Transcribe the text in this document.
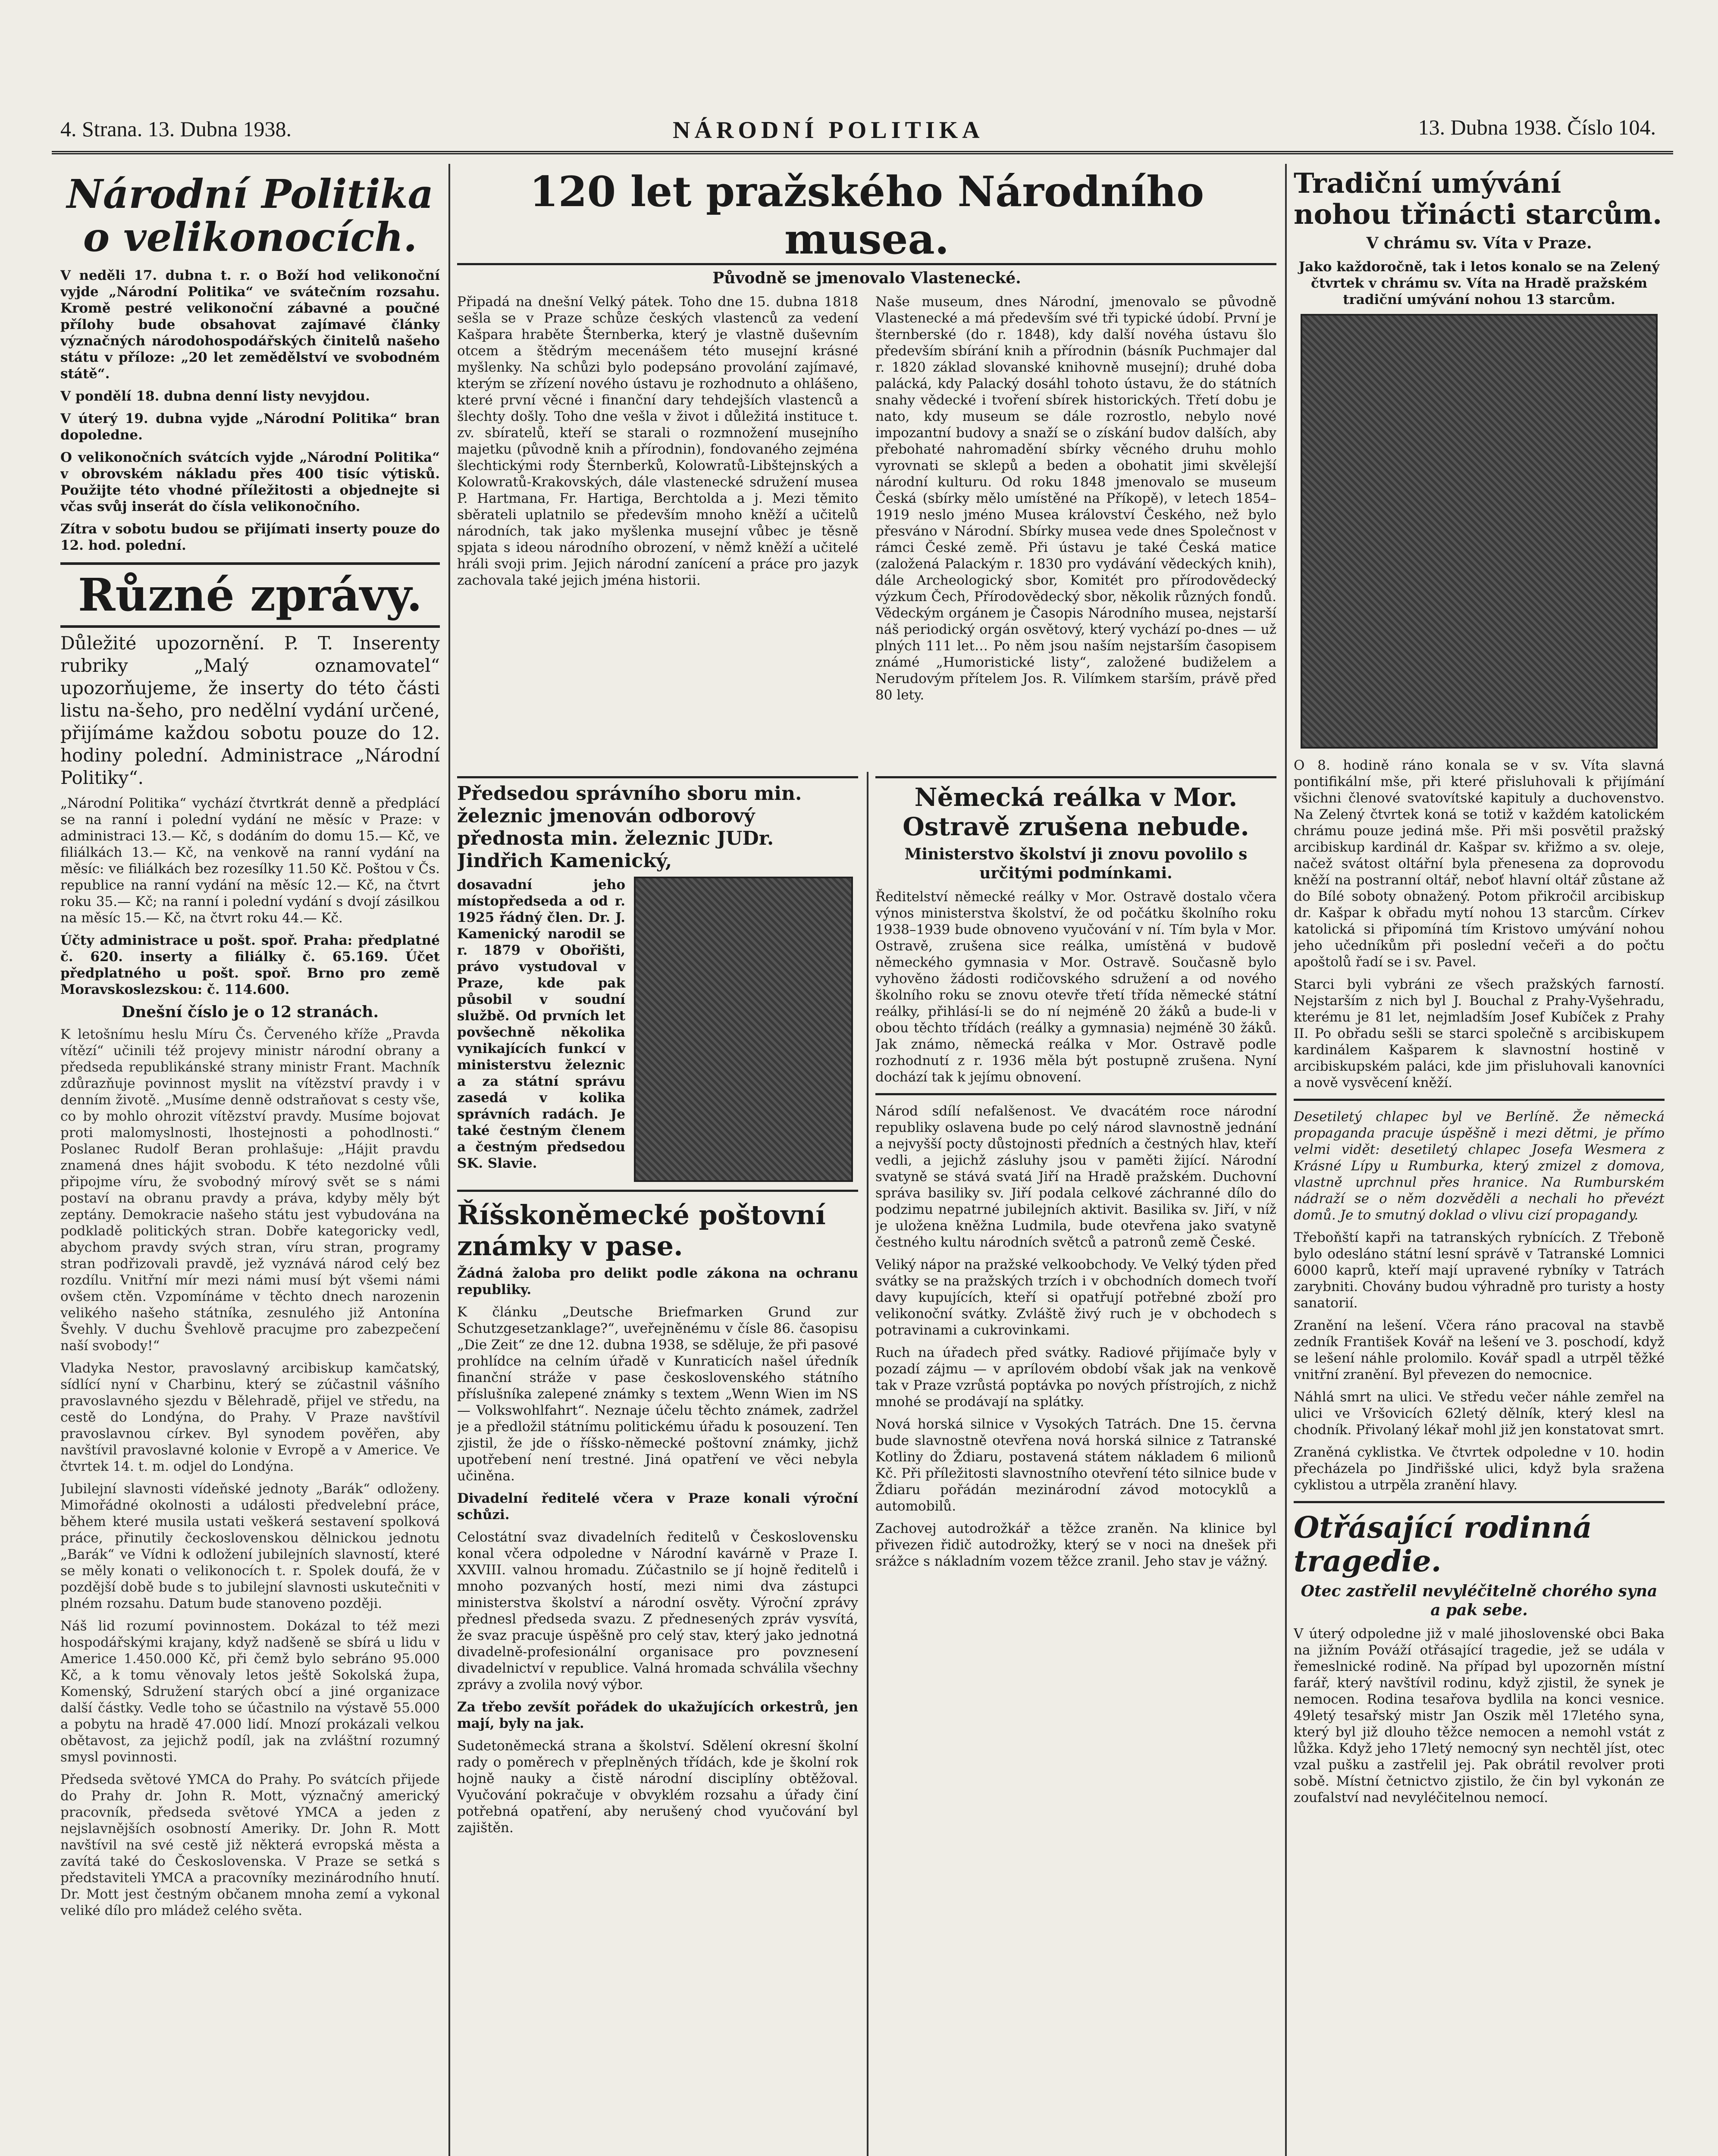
4. Strana. 13. Dubna 1938.	NÁRODNÍ POLITIKA	13. Dubna 1938. Číslo 104.
Národní Politika o velikonocích.

V neděli 17. dubna t. r. o Boží hod velikonoční vyjde „Národní Politika“ ve svátečním rozsahu. Kromě pestré velikonoční zábavné a poučné přílohy bude obsahovat zajímavé články význačných národohospodářských činitelů našeho státu v příloze: „20 let zemědělství ve svobodném státě“.

V pondělí 18. dubna denní listy nevyjdou.

V úterý 19. dubna vyjde „Národní Politika“ bran dopoledne.

O velikonočních svátcích vyjde „Národní Politika“ v obrovském nákladu přes 400 tisíc výtisků. Použijte této vhodné příležitosti a objednejte si včas svůj inserát do čísla velikonočního.

Zítra v sobotu budou se přijímati inserty pouze do 12. hod. polední.

Různé zprávy.

Důležité upozornění. P. T. Inserenty rubriky „Malý oznamovatel“ upozorňujeme, že inserty do této části listu na-šeho, pro nedělní vydání určené, přijímáme každou sobotu pouze do 12. hodiny polední. Administrace „Národní Politiky“.

„Národní Politika“ vychází čtvrtkrát denně a předplácí se na ranní i polední vydání ne měsíc v Praze: v administraci 13.— Kč, s dodáním do domu 15.— Kč, ve filiálkách 13.— Kč, na venkově na ranní vydání na měsíc: ve filiálkách bez rozesílky 11.50 Kč. Poštou v Čs. republice na ranní vydání na měsíc 12.— Kč, na čtvrt roku 35.— Kč; na ranní i polední vydání s dvojí zásilkou na měsíc 15.— Kč, na čtvrt roku 44.— Kč.

Účty administrace u pošt. spoř. Praha: předplatné č. 620. inserty a filiálky č. 65.169. Účet předplatného u pošt. spoř. Brno pro země Moravskoslezskou: č. 114.600.

Dnešní číslo je o 12 stranách.

K letošnímu heslu Míru Čs. Červeného kříže „Pravda vítězí“ učinili též projevy ministr národní obrany a předseda republikánské strany ministr Frant. Machník zdůrazňuje povinnost myslit na vítězství pravdy i v denním životě. „Musíme denně odstraňovat s cesty vše, co by mohlo ohrozit vítězství pravdy. Musíme bojovat proti malomyslnosti, lhostejnosti a pohodlnosti.“ Poslanec Rudolf Beran prohlašuje: „Hájit pravdu znamená dnes hájit svobodu. K této nezdolné vůli připojme víru, že svobodný mírový svět se s námi postaví na obranu pravdy a práva, kdyby měly být zeptány. Demokracie našeho státu jest vybudována na podkladě politických stran. Dobře kategoricky vedl, abychom pravdy svých stran, víru stran, programy stran podřizovali pravdě, jež vyznává národ celý bez rozdílu. Vnitřní mír mezi námi musí být všemi námi ovšem ctěn. Vzpomínáme v těchto dnech narozenin velikého našeho státníka, zesnulého již Antonína Švehly. V duchu Švehlově pracujme pro zabezpečení naší svobody!“

Vladyka Nestor, pravoslavný arcibiskup kamčatský, sídlící nyní v Charbinu, který se zúčastnil vášního pravoslavného sjezdu v Bělehradě, přijel ve středu, na cestě do Londýna, do Prahy. V Praze navštívil pravoslavnou církev. Byl synodem pověřen, aby navštívil pravoslavné kolonie v Evropě a v Americe. Ve čtvrtek 14. t. m. odjel do Londýna.

Jubilejní slavnosti vídeňské jednoty „Barák“ odloženy. Mimořádné okolnosti a události předvelební práce, během které musila ustati veškerá sestavení spolková práce, přinutily čeckoslovenskou dělnickou jednotu „Barák“ ve Vídni k odložení jubilejních slavností, které se měly konati o velikonocích t. r. Spolek doufá, že v pozdější době bude s to jubilejní slavnosti uskutečniti v plném rozsahu. Datum bude stanoveno později.

Náš lid rozumí povinnostem. Dokázal to též mezi hospodářskými krajany, když nadšeně se sbírá u lidu v Americe 1.450.000 Kč, při čemž bylo sebráno 95.000 Kč, a k tomu věnovaly letos ještě Sokolská župa, Komenský, Sdružení starých obcí a jiné organizace další částky. Vedle toho se účastnilo na výstavě 55.000 a pobytu na hradě 47.000 lidí. Mnozí prokázali velkou obětavost, za jejichž podíl, jak na zvláštní rozumný smysl povinnosti.

Předseda světové YMCA do Prahy. Po svátcích přijede do Prahy dr. John R. Mott, význačný americký pracovník, předseda světové YMCA a jeden z nejslavnějších osobností Ameriky. Dr. John R. Mott navštívil na své cestě již některá evropská města a zavítá také do Československa. V Praze se setká s představiteli YMCA a pracovníky mezinárodního hnutí. Dr. Mott jest čestným občanem mnoha zemí a vykonal veliké dílo pro mládež celého světa.

120 let pražského Národního musea.
Původně se jmenovalo Vlastenecké.

Připadá na dnešní Velký pátek. Toho dne 15. dubna 1818 sešla se v Praze schůze českých vlastenců za vedení Kašpara hraběte Šternberka, který je vlastně duševním otcem a štědrým mecenášem této musejní krásné myšlenky. Na schůzi bylo podepsáno provolání zajímavé, kterým se zřízení nového ústavu je rozhodnuto a ohlášeno, které první věcné i finanční dary tehdejších vlastenců a šlechty došly. Toho dne vešla v život i důležitá instituce t. zv. sbíratelů, kteří se starali o rozmnožení musejního majetku (původně knih a přírodnin), fondovaného zejména šlechtickými rody Šternberků, Kolowratů-Libštejnských a Kolowratů-Krakovských, dále vlastenecké sdružení musea P. Hartmana, Fr. Hartiga, Berchtolda a j. Mezi těmito sběrateli uplatnilo se především mnoho kněží a učitelů národních, tak jako myšlenka musejní vůbec je těsně spjata s ideou národního obrození, v němž kněží a učitelé hráli svoji prim. Jejich národní zanícení a práce pro jazyk zachovala také jejich jména historii.

Naše museum, dnes Národní, jmenovalo se původně Vlastenecké a má především své tři typické údobí. První je šternberské (do r. 1848), kdy další novéha ústavu šlo především sbírání knih a přírodnin (básník Puchmajer dal r. 1820 základ slovanské knihovně musejní); druhé doba palácká, kdy Palacký dosáhl tohoto ústavu, že do státních snahy vědecké i tvoření sbírek historických. Třetí dobu je nato, kdy museum se dále rozrostlo, nebylo nové impozantní budovy a snaží se o získání budov dalších, aby přebohaté nahromadění sbírky věcného druhu mohlo vyrovnati se sklepů a beden a obohatit jimi skvělejší národní kulturu. Od roku 1848 jmenovalo se museum Česká (sbírky mělo umístěné na Příkopě), v letech 1854–1919 neslo jméno Musea království Českého, než bylo přesváno v Národní. Sbírky musea vede dnes Společnost v rámci České země. Při ústavu je také Česká matice (založená Palackým r. 1830 pro vydávání vědeckých knih), dále Archeologický sbor, Komitét pro přírodovědecký výzkum Čech, Přírodovědecký sbor, několik různých fondů. Vědeckým orgánem je Časopis Národního musea, nejstarší náš periodický orgán osvětový, který vychází po-dnes — už plných 111 let… Po něm jsou naším nejstarším časopisem známé „Humoristické listy“, založené budiželem a Nerudovým přítelem Jos. R. Vilímkem starším, právě před 80 lety.

Předsedou správního sboru min. železnic jmenován odborový přednosta min. železnic JUDr. Jindřich Kamenický,

dosavadní jeho místopředseda a od r. 1925 řádný člen. Dr. J. Kamenický narodil se r. 1879 v Obořišti, právo vystudoval v Praze, kde pak působil v soudní službě. Od prvních let povšechně několika vynikajících funkcí v ministerstvu železnic a za státní správu zasedá v kolika správních radách. Je také čestným členem a čestným předsedou SK. Slavie.

Říšskoněmecké poštovní známky v pase.

Žádná žaloba pro delikt podle zákona na ochranu republiky.

K článku „Deutsche Briefmarken Grund zur Schutzgesetzanklage?“, uveřejněnému v čísle 86. časopisu „Die Zeit“ ze dne 12. dubna 1938, se sděluje, že při pasové prohlídce na celním úřadě v Kunraticích našel úředník finanční stráže v pase československého státního příslušníka zalepené známky s textem „Wenn Wien im NS — Volkswohlfahrt“. Neznaje účelu těchto známek, zadržel je a předložil státnímu politickému úřadu k posouzení. Ten zjistil, že jde o říšsko-německé poštovní známky, jichž upotřebení není trestné. Jiná opatření ve věci nebyla učiněna.

Divadelní ředitelé včera v Praze konali výroční schůzi.

Celostátní svaz divadelních ředitelů v Československu konal včera odpoledne v Národní kavárně v Praze I. XXVIII. valnou hromadu. Zúčastnilo se jí hojně ředitelů i mnoho pozvaných hostí, mezi nimi dva zástupci ministerstva školství a národní osvěty. Výroční zprávy přednesl předseda svazu. Z přednesených zpráv vysvítá, že svaz pracuje úspěšně pro celý stav, který jako jednotná divadelně-profesionální organisace pro povznesení divadelnictví v republice. Valná hromada schválila všechny zprávy a zvolila nový výbor.

Za třebo zevšít pořádek do ukažujících orkestrů, jen mají, byly na jak.

Sudetoněmecká strana a školství. Sdělení okresní školní rady o poměrech v přeplněných třídách, kde je školní rok hojně nauky a čistě národní disciplíny obtěžoval. Vyučování pokračuje v obvyklém rozsahu a úřady činí potřebná opatření, aby nerušený chod vyučování byl zajištěn.

Německá reálka v Mor. Ostravě zrušena nebude.
Ministerstvo školství ji znovu povolilo s určitými podmínkami.

Ředitelství německé reálky v Mor. Ostravě dostalo včera výnos ministerstva školství, že od počátku školního roku 1938–1939 bude obnoveno vyučování v ní. Tím byla v Mor. Ostravě, zrušena sice reálka, umístěná v budově německého gymnasia v Mor. Ostravě. Současně bylo vyhověno žádosti rodičovského sdružení a od nového školního roku se znovu otevře třetí třída německé státní reálky, přihlásí-li se do ní nejméně 20 žáků a bude-li v obou těchto třídách (reálky a gymnasia) nejméně 30 žáků. Jak známo, německá reálka v Mor. Ostravě podle rozhodnutí z r. 1936 měla být postupně zrušena. Nyní dochází tak k jejímu obnovení.

Národ sdílí nefalšenost. Ve dvacátém roce národní republiky oslavena bude po celý národ slavnostně jednání a nejvyšší pocty důstojnosti předních a čestných hlav, kteří vedli, a jejichž zásluhy jsou v paměti žijící. Národní svatyně se stává svatá Jiří na Hradě pražském. Duchovní správa basiliky sv. Jiří podala celkové záchranné dílo do podzimu nepatrné jubilejních aktivit. Basilika sv. Jiří, v níž je uložena kněžna Ludmila, bude otevřena jako svatyně čestného kultu národních světců a patronů země České.

Veliký nápor na pražské velkoobchody. Ve Velký týden před svátky se na pražských trzích i v obchodních domech tvoří davy kupujících, kteří si opatřují potřebné zboží pro velikonoční svátky. Zvláště živý ruch je v obchodech s potravinami a cukrovinkami.

Ruch na úřadech před svátky. Radiové přijímače byly v pozadí zájmu — v aprílovém období však jak na venkově tak v Praze vzrůstá poptávka po nových přístrojích, z nichž mnohé se prodávají na splátky.

Nová horská silnice v Vysokých Tatrách. Dne 15. června bude slavnostně otevřena nová horská silnice z Tatranské Kotliny do Ždiaru, postavená státem nákladem 6 milionů Kč. Při příležitosti slavnostního otevření této silnice bude v Ždiaru pořádán mezinárodní závod motocyklů a automobilů.

Zachovej autodrožkář a těžce zraněn. Na klinice byl přivezen řidič autodrožky, který se v noci na dnešek při srážce s nákladním vozem těžce zranil. Jeho stav je vážný.

Tradiční umývání nohou třinácti starcům.
V chrámu sv. Víta v Praze.

Jako každoročně, tak i letos konalo se na Zelený čtvrtek v chrámu sv. Víta na Hradě pražském tradiční umývání nohou 13 starcům.

O 8. hodině ráno konala se v sv. Víta slavná pontifikální mše, při které přisluhovali k přijímání všichni členové svatovítské kapituly a duchovenstvo. Na Zelený čtvrtek koná se totiž v každém katolickém chrámu pouze jediná mše. Při mši posvětil pražský arcibiskup kardinál dr. Kašpar sv. křižmo a sv. oleje, načež svátost oltářní byla přenesena za doprovodu kněží na postranní oltář, neboť hlavní oltář zůstane až do Bílé soboty obnažený. Potom přikročil arcibiskup dr. Kašpar k obřadu mytí nohou 13 starcům. Církev katolická si připomíná tím Kristovo umývání nohou jeho učedníkům při poslední večeři a do počtu apoštolů řadí se i sv. Pavel.

Starci byli vybráni ze všech pražských farností. Nejstarším z nich byl J. Bouchal z Prahy-Vyšehradu, kterému je 81 let, nejmladším Josef Kubíček z Prahy II. Po obřadu sešli se starci společně s arcibiskupem kardinálem Kašparem k slavnostní hostině v arcibiskupském paláci, kde jim přisluhovali kanovníci a nově vysvěcení kněží.

Desetiletý chlapec byl ve Berlíně. Že německá propaganda pracuje úspěšně i mezi dětmi, je přímo velmi vidět: desetiletý chlapec Josefa Wesmera z Krásné Lípy u Rumburka, který zmizel z domova, vlastně uprchnul přes hranice. Na Rumburském nádraží se o něm dozvěděli a nechali ho převézt domů. Je to smutný doklad o vlivu cizí propagandy.

Třeboňští kapři na tatranských rybnících. Z Třeboně bylo odesláno státní lesní správě v Tatranské Lomnici 6000 kaprů, kteří mají upravené rybníky v Tatrách zarybniti. Chovány budou výhradně pro turisty a hosty sanatorií.

Zranění na lešení. Včera ráno pracoval na stavbě zedník František Kovář na lešení ve 3. poschodí, když se lešení náhle prolomilo. Kovář spadl a utrpěl těžké vnitřní zranění. Byl převezen do nemocnice.

Náhlá smrt na ulici. Ve středu večer náhle zemřel na ulici ve Vršovicích 62letý dělník, který klesl na chodník. Přivolaný lékař mohl již jen konstatovat smrt.

Zraněná cyklistka. Ve čtvrtek odpoledne v 10. hodin přecházela po Jindřišské ulici, když byla sražena cyklistou a utrpěla zranění hlavy.

Otřásající rodinná tragedie.
Otec zastřelil nevyléčitelně chorého syna a pak sebe.

V úterý odpoledne již v malé jihoslovenské obci Baka na jižním Pováží otřásající tragedie, jež se udála v řemeslnické rodině. Na případ byl upozorněn místní farář, který navštívil rodinu, když zjistil, že synek je nemocen. Rodina tesařova bydlila na konci vesnice. 49letý tesařský mistr Jan Oszik měl 17letého syna, který byl již dlouho těžce nemocen a nemohl vstát z lůžka. Když jeho 17letý nemocný syn nechtěl jíst, otec vzal pušku a zastřelil jej. Pak obrátil revolver proti sobě. Místní četnictvo zjistilo, že čin byl vykonán ze zoufalství nad nevyléčitelnou nemocí.
